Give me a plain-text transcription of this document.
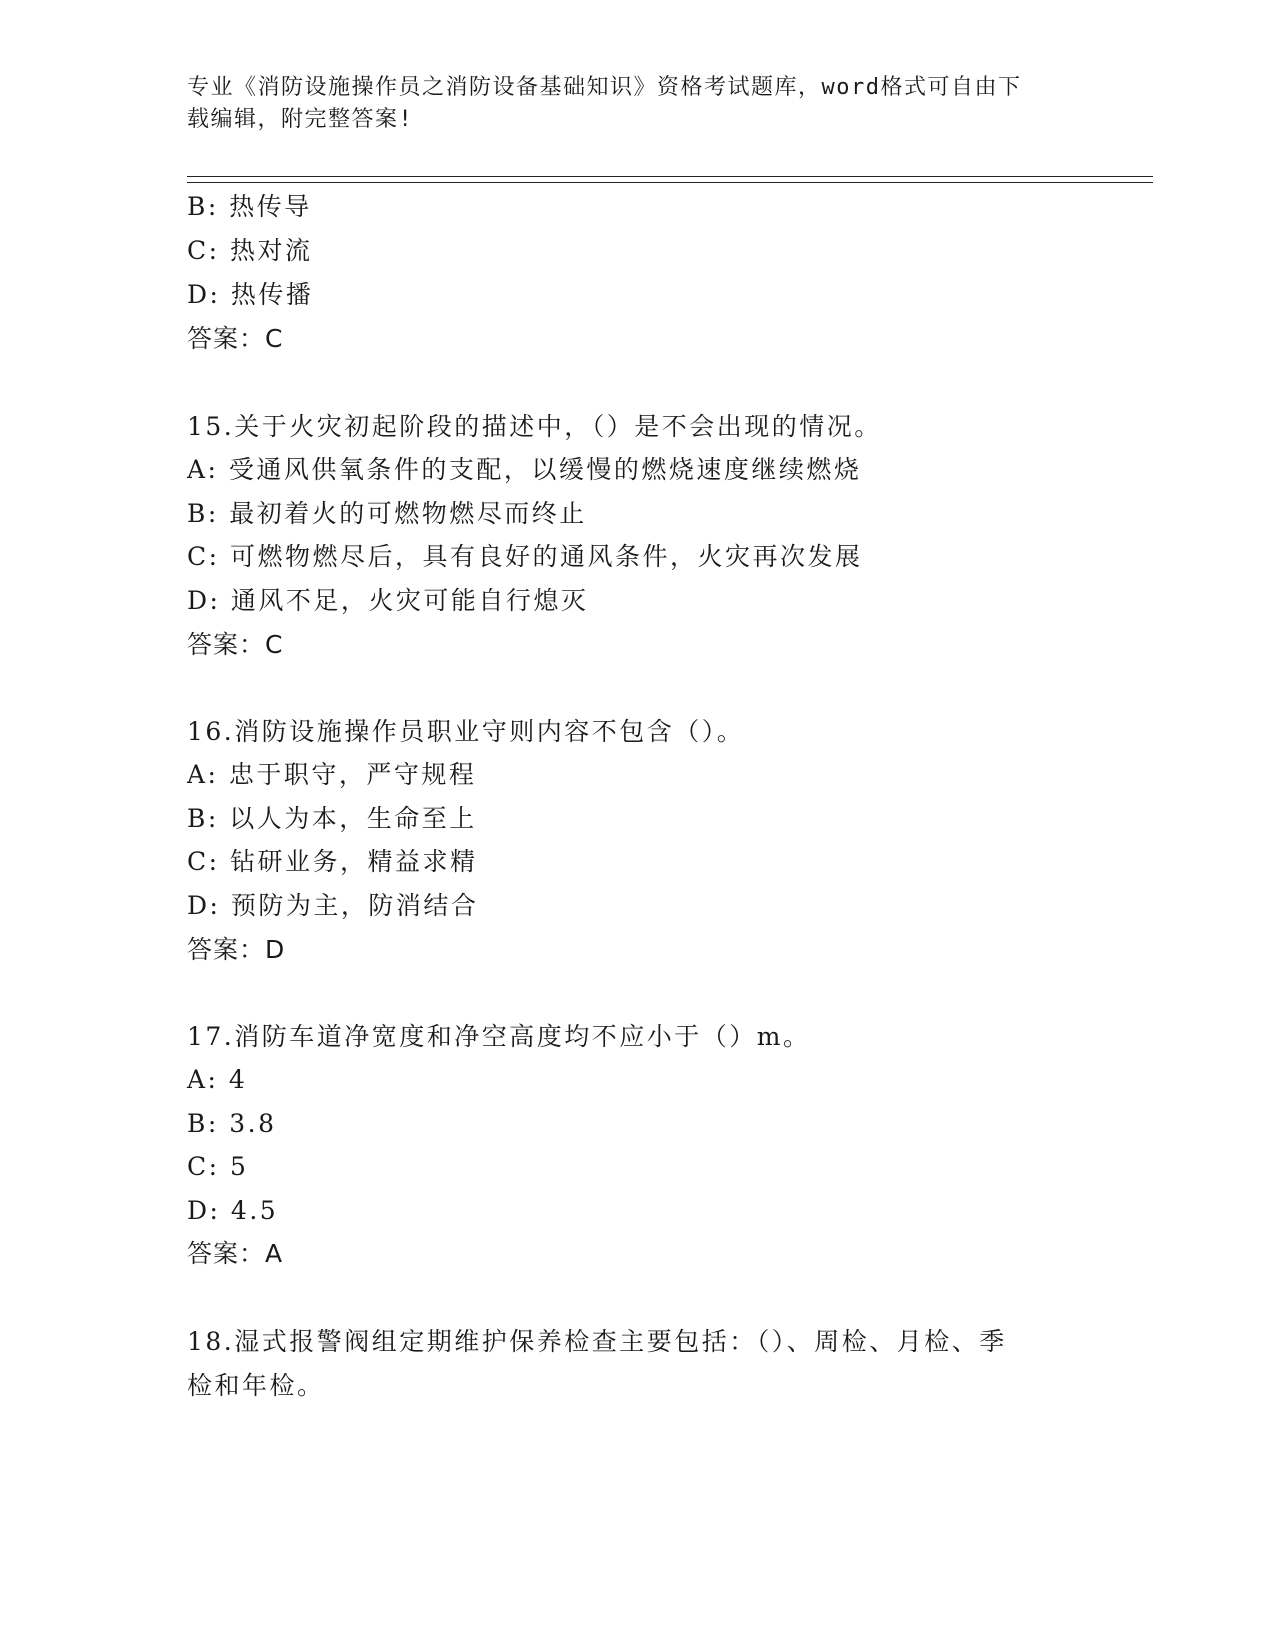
专业《消防设施操作员之消防设备基础知识》资格考试题库，word格式可自由下
载编辑，附完整答案!
B: 热传导
C: 热对流
D: 热传播
答案：C
15.关于火灾初起阶段的描述中，（）是不会出现的情况。
A: 受通风供氧条件的支配，以缓慢的燃烧速度继续燃烧
B: 最初着火的可燃物燃尽而终止
C: 可燃物燃尽后，具有良好的通风条件，火灾再次发展
D: 通风不足，火灾可能自行熄灭
答案：C
16.消防设施操作员职业守则内容不包含（）。
A: 忠于职守，严守规程
B: 以人为本，生命至上
C: 钻研业务，精益求精
D: 预防为主，防消结合
答案：D
17.消防车道净宽度和净空高度均不应小于（）m。
A: 4
B: 3.8
C: 5
D: 4.5
答案：A
18.湿式报警阀组定期维护保养检查主要包括：（）、周检、月检、季
检和年检。
